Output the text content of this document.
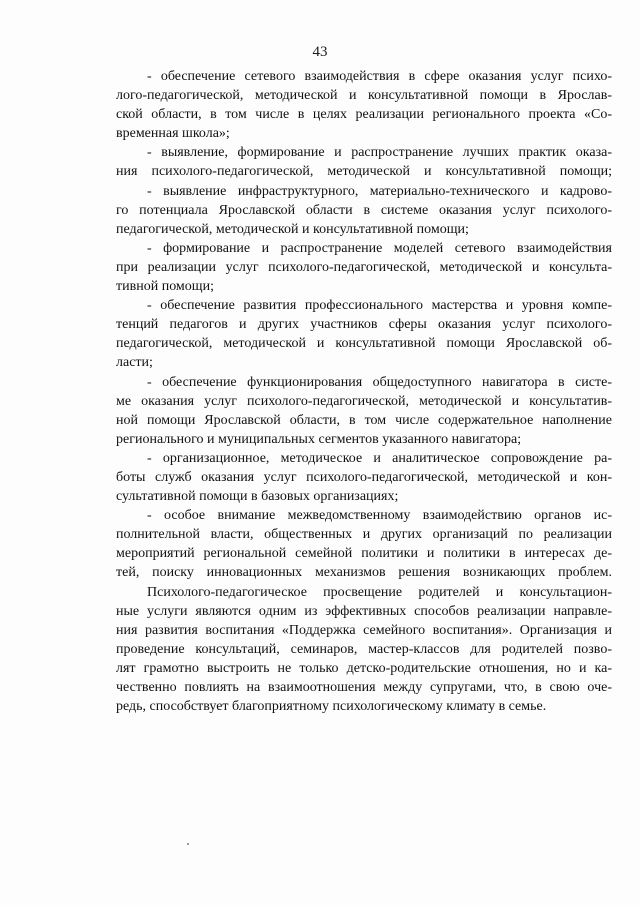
43
- обеспечение сетевого взаимодействия в сфере оказания услуг психо-
лого-педагогической, методической и консультативной помощи в Ярослав-
ской области, в том числе в целях реализации регионального проекта «Со-
временная школа»;
- выявление, формирование и распространение лучших практик оказа-
ния психолого-педагогической, методической и консультативной помощи;
- выявление инфраструктурного, материально-технического и кадрово-
го потенциала Ярославской области в системе оказания услуг психолого-
педагогической, методической и консультативной помощи;
- формирование и распространение моделей сетевого взаимодействия
при реализации услуг психолого-педагогической, методической и консульта-
тивной помощи;
- обеспечение развития профессионального мастерства и уровня компе-
тенций педагогов и других участников сферы оказания услуг психолого-
педагогической, методической и консультативной помощи Ярославской об-
ласти;
- обеспечение функционирования общедоступного навигатора в систе-
ме оказания услуг психолого-педагогической, методической и консультатив-
ной помощи Ярославской области, в том числе содержательное наполнение
регионального и муниципальных сегментов указанного навигатора;
- организационное, методическое и аналитическое сопровождение ра-
боты служб оказания услуг психолого-педагогической, методической и кон-
сультативной помощи в базовых организациях;
- особое внимание межведомственному взаимодействию органов ис-
полнительной власти, общественных и других организаций по реализации
мероприятий региональной семейной политики и политики в интересах де-
тей, поиску инновационных механизмов решения возникающих проблем.
Психолого-педагогическое просвещение родителей и консультацион-
ные услуги являются одним из эффективных способов реализации направле-
ния развития воспитания «Поддержка семейного воспитания». Организация и
проведение консультаций, семинаров, мастер-классов для родителей позво-
лят грамотно выстроить не только детско-родительские отношения, но и ка-
чественно повлиять на взаимоотношения между супругами, что, в свою оче-
редь, способствует благоприятному психологическому климату в семье.
